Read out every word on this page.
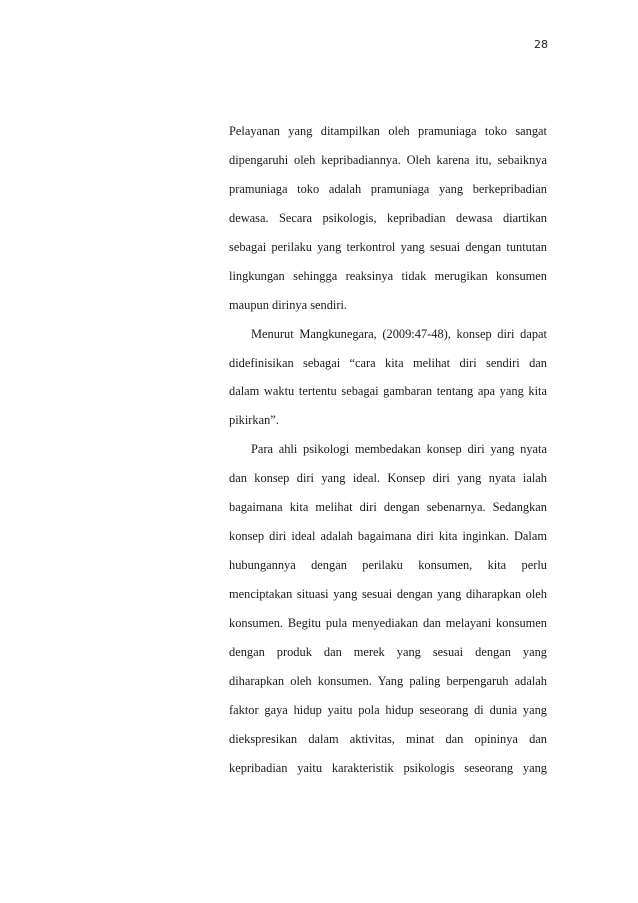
28
Pelayanan yang ditampilkan oleh pramuniaga toko sangat
dipengaruhi oleh kepribadiannya. Oleh karena itu, sebaiknya
pramuniaga toko adalah pramuniaga yang berkepribadian
dewasa. Secara psikologis, kepribadian dewasa diartikan
sebagai perilaku yang terkontrol yang sesuai dengan tuntutan
lingkungan sehingga reaksinya tidak merugikan konsumen
maupun dirinya sendiri.
Menurut Mangkunegara, (2009:47-48), konsep diri dapat
didefinisikan sebagai “cara kita melihat diri sendiri dan
dalam waktu tertentu sebagai gambaran tentang apa yang kita
pikirkan”.
Para ahli psikologi membedakan konsep diri yang nyata
dan konsep diri yang ideal. Konsep diri yang nyata ialah
bagaimana kita melihat diri dengan sebenarnya. Sedangkan
konsep diri ideal adalah bagaimana diri kita inginkan. Dalam
hubungannya dengan perilaku konsumen, kita perlu
menciptakan situasi yang sesuai dengan yang diharapkan oleh
konsumen. Begitu pula menyediakan dan melayani konsumen
dengan produk dan merek yang sesuai dengan yang
diharapkan oleh konsumen. Yang paling berpengaruh adalah
faktor gaya hidup yaitu pola hidup seseorang di dunia yang
diekspresikan dalam aktivitas, minat dan opininya dan
kepribadian yaitu karakteristik psikologis seseorang yang
